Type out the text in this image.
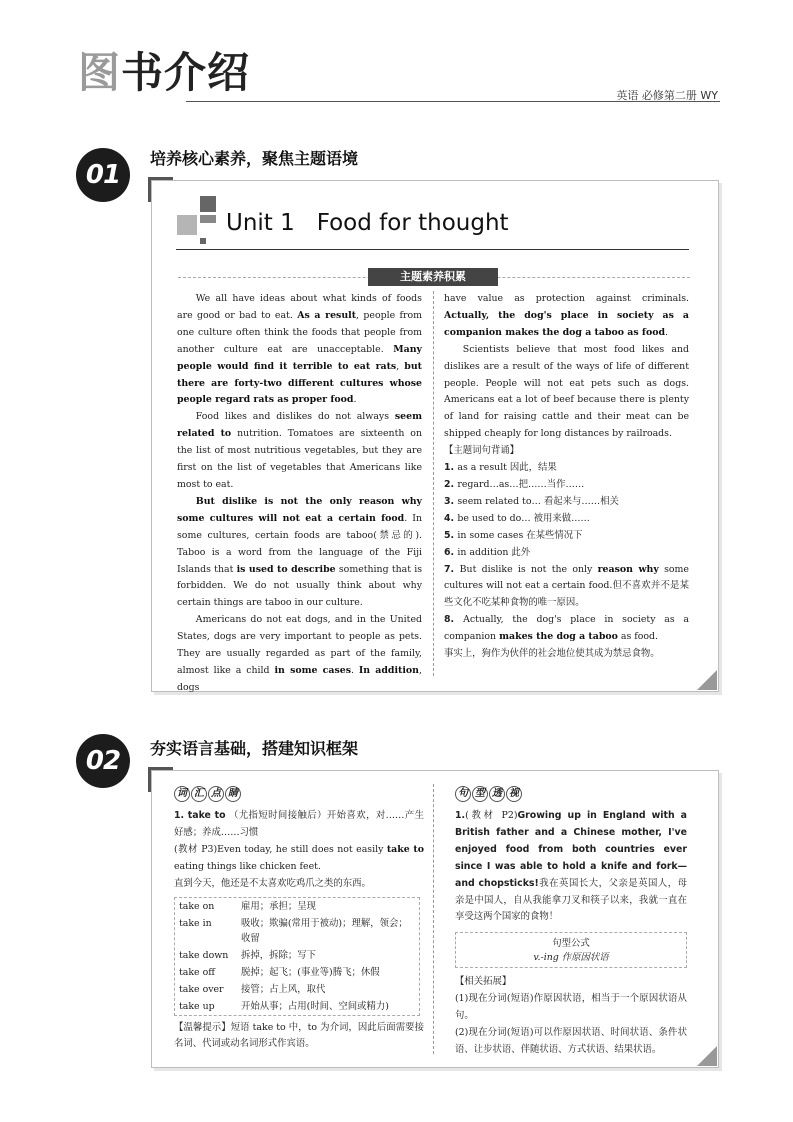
图书介绍	英语 必修第二册 WY
01
培养核心素养，聚焦主题语境
Unit 1   Food for thought
主题素养积累

We all have ideas about what kinds of foods are good or bad to eat. As a result, people from one culture often think the foods that people from another culture eat are unacceptable. Many people would find it terrible to eat rats, but there are forty-two different cultures whose people regard rats as proper food.

Food likes and dislikes do not always seem related to nutrition. Tomatoes are sixteenth on the list of most nutritious vegetables, but they are first on the list of vegetables that Americans like most to eat.

But dislike is not the only reason why some cultures will not eat a certain food. In some cultures, certain foods are taboo(禁忌的). Taboo is a word from the language of the Fiji Islands that is used to describe something that is forbidden. We do not usually think about why certain things are taboo in our culture.

Americans do not eat dogs, and in the United States, dogs are very important to people as pets. They are usually regarded as part of the family, almost like a child in some cases. In addition, dogs

have value as protection against criminals. Actually, the dog's place in society as a companion makes the dog a taboo as food.

Scientists believe that most food likes and dislikes are a result of the ways of life of different people. People will not eat pets such as dogs. Americans eat a lot of beef because there is plenty of land for raising cattle and their meat can be shipped cheaply for long distances by railroads.

【主题词句背诵】

1. as a result 因此，结果

2. regard…as…把……当作……

3. seem related to… 看起来与……相关

4. be used to do… 被用来做……

5. in some cases 在某些情况下

6. in addition 此外

7. But dislike is not the only reason why some cultures will not eat a certain food.但不喜欢并不是某些文化不吃某种食物的唯一原因。

8. Actually, the dog's place in society as a companion makes the dog a taboo as food.
事实上，狗作为伙伴的社会地位使其成为禁忌食物。

02	夯实语言基础，搭建知识框架
词 汇 点 睛

1. take to （尤指短时间接触后）开始喜欢，对……产生好感；养成……习惯

(教材 P3)Even today, he still does not easily take to eating things like chicken feet.

直到今天，他还是不太喜欢吃鸡爪之类的东西。

take on	雇用；承担；呈现
take in	吸收；欺骗(常用于被动)；理解，领会；收留
take down	拆掉，拆除；写下
take off	脱掉；起飞；(事业等)腾飞；休假
take over	接管；占上风，取代
take up	开始从事；占用(时间、空间或精力)

【温馨提示】短语 take to 中，to 为介词，因此后面需要接名词、代词或动名词形式作宾语。

句 型 透 视

1.(教材 P2)Growing up in England with a British father and a Chinese mother, I've enjoyed food from both countries ever since I was able to hold a knife and fork—and chopsticks!我在英国长大，父亲是英国人，母亲是中国人，自从我能拿刀叉和筷子以来，我就一直在享受这两个国家的食物！

句型公式
v.-ing 作原因状语

【相关拓展】

(1)现在分词(短语)作原因状语，相当于一个原因状语从句。

(2)现在分词(短语)可以作原因状语、时间状语、条件状语、让步状语、伴随状语、方式状语、结果状语。
